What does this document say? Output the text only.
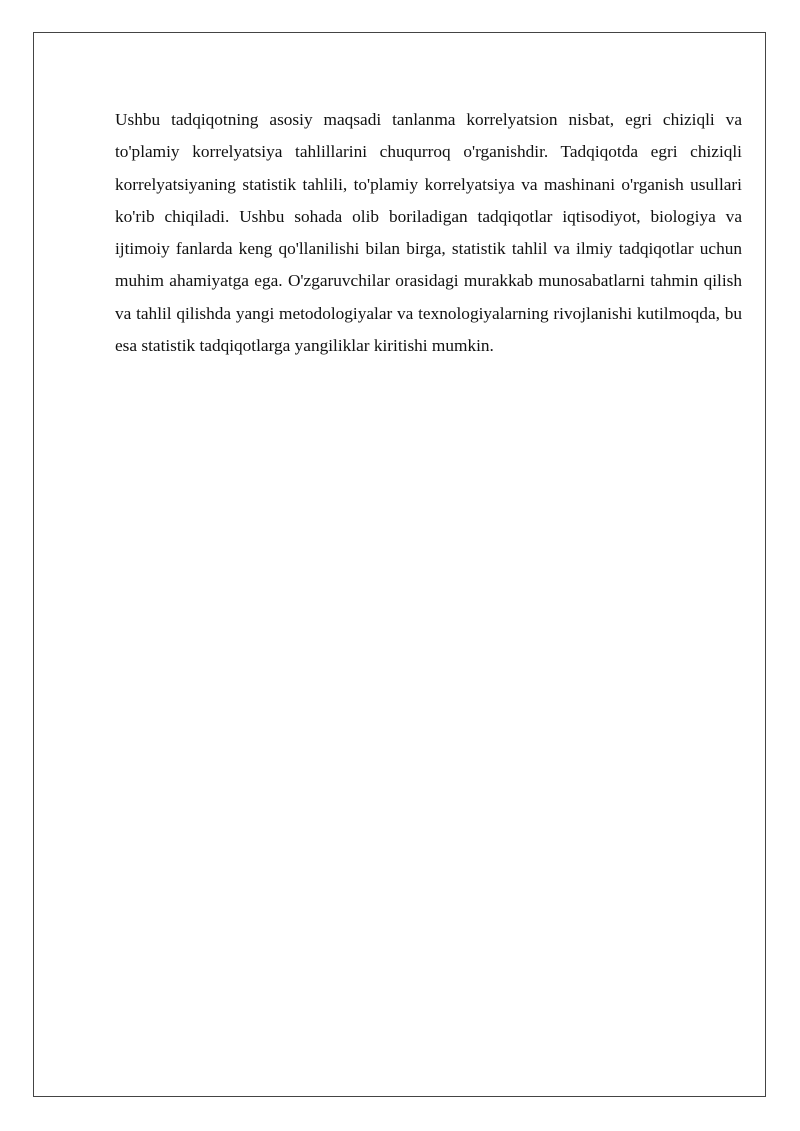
Ushbu tadqiqotning asosiy maqsadi tanlanma korrelyatsion nisbat, egri chiziqli va to'plamiy korrelyatsiya tahlillarini chuqurroq o'rganishdir. Tadqiqotda egri chiziqli korrelyatsiyaning statistik tahlili, to'plamiy korrelyatsiya va mashinani o'rganish usullari ko'rib chiqiladi. Ushbu sohada olib boriladigan tadqiqotlar iqtisodiyot, biologiya va ijtimoiy fanlarda keng qo'llanilishi bilan birga, statistik tahlil va ilmiy tadqiqotlar uchun muhim ahamiyatga ega. O'zgaruvchilar orasidagi murakkab munosabatlarni tahmin qilish va tahlil qilishda yangi metodologiyalar va texnologiyalarning rivojlanishi kutilmoqda, bu esa statistik tadqiqotlarga yangiliklar kiritishi mumkin.
